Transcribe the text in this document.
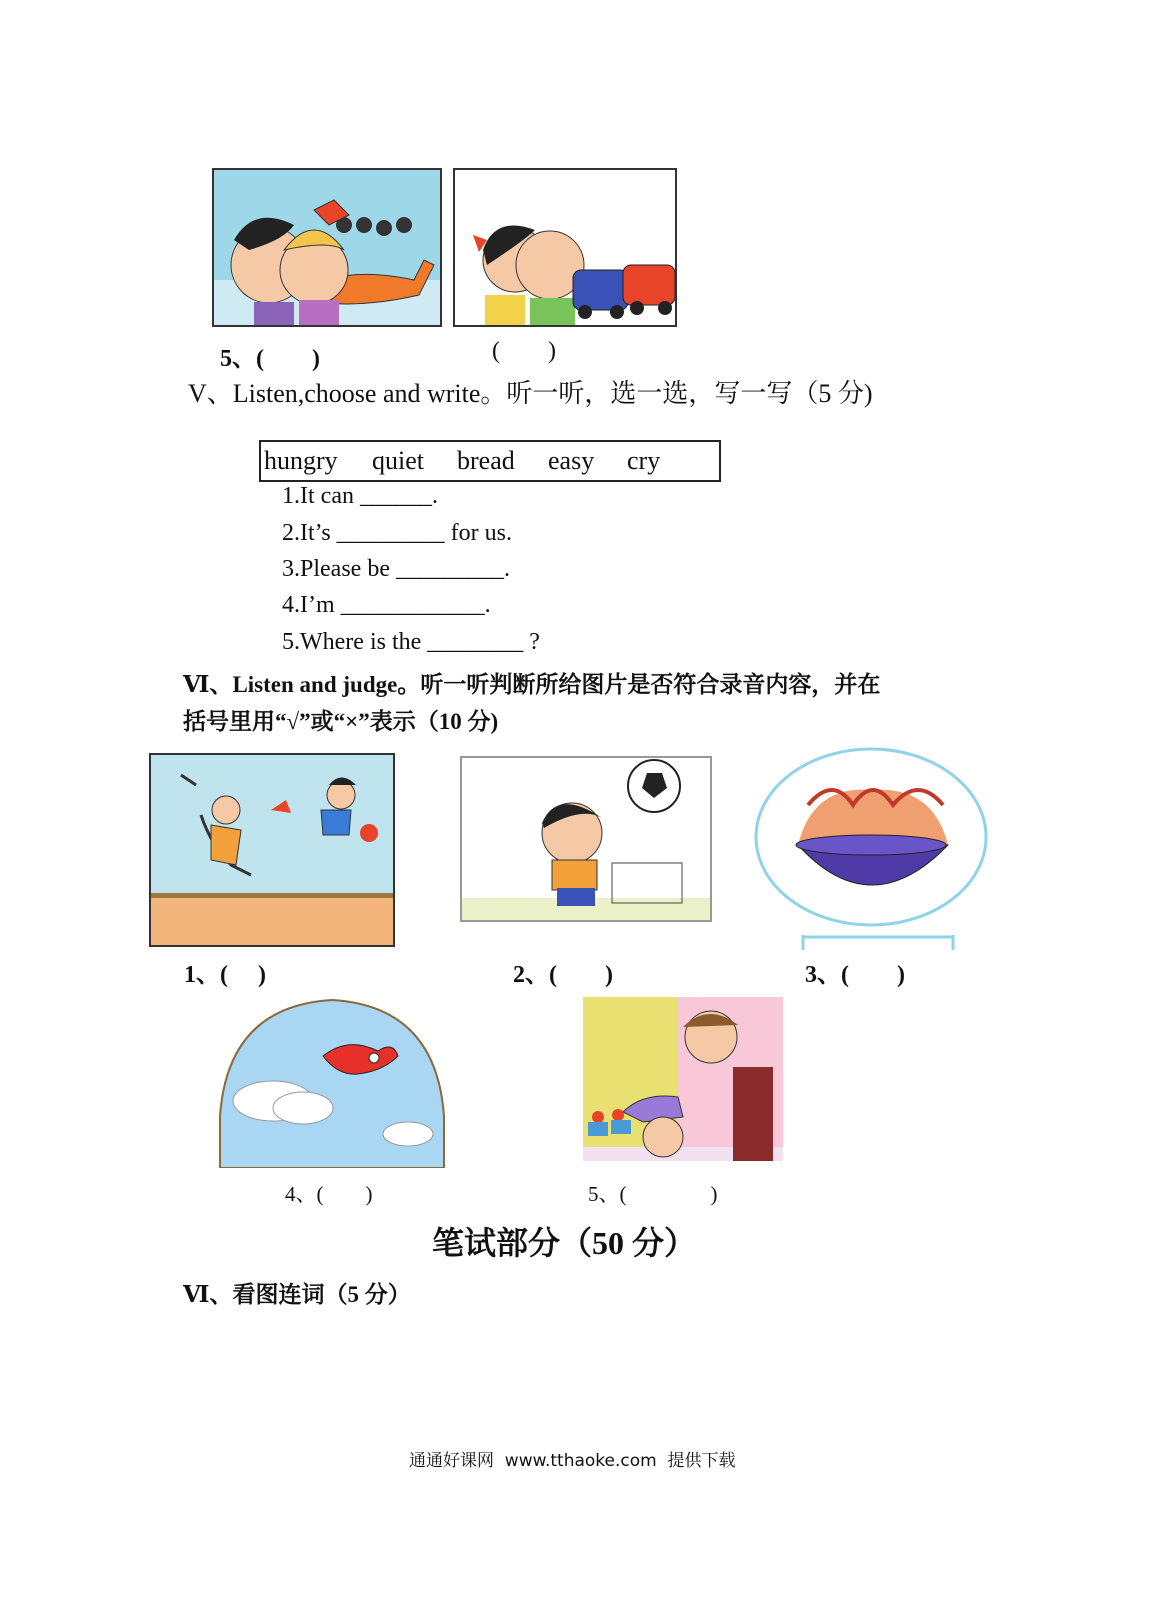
5、(        )	(        )
V、Listen,choose and write。听一听，选一选，写一写（5 分)
hungry quiet bread easy cry
1.It can ______.
2.It’s _________ for us.
3.Please be _________.
4.I’m ____________.
5.Where is the ________ ?
Ⅵ、Listen and judge。听一听判断所给图片是否符合录音内容，并在
括号里用“√”或“×”表示（10 分)
1、(     )	2、(        )	3、(        )
4、(        )	5、(                )
笔试部分（50 分）
Ⅵ、看图连词（5 分）
通通好课网  www.tthaoke.com  提供下载
